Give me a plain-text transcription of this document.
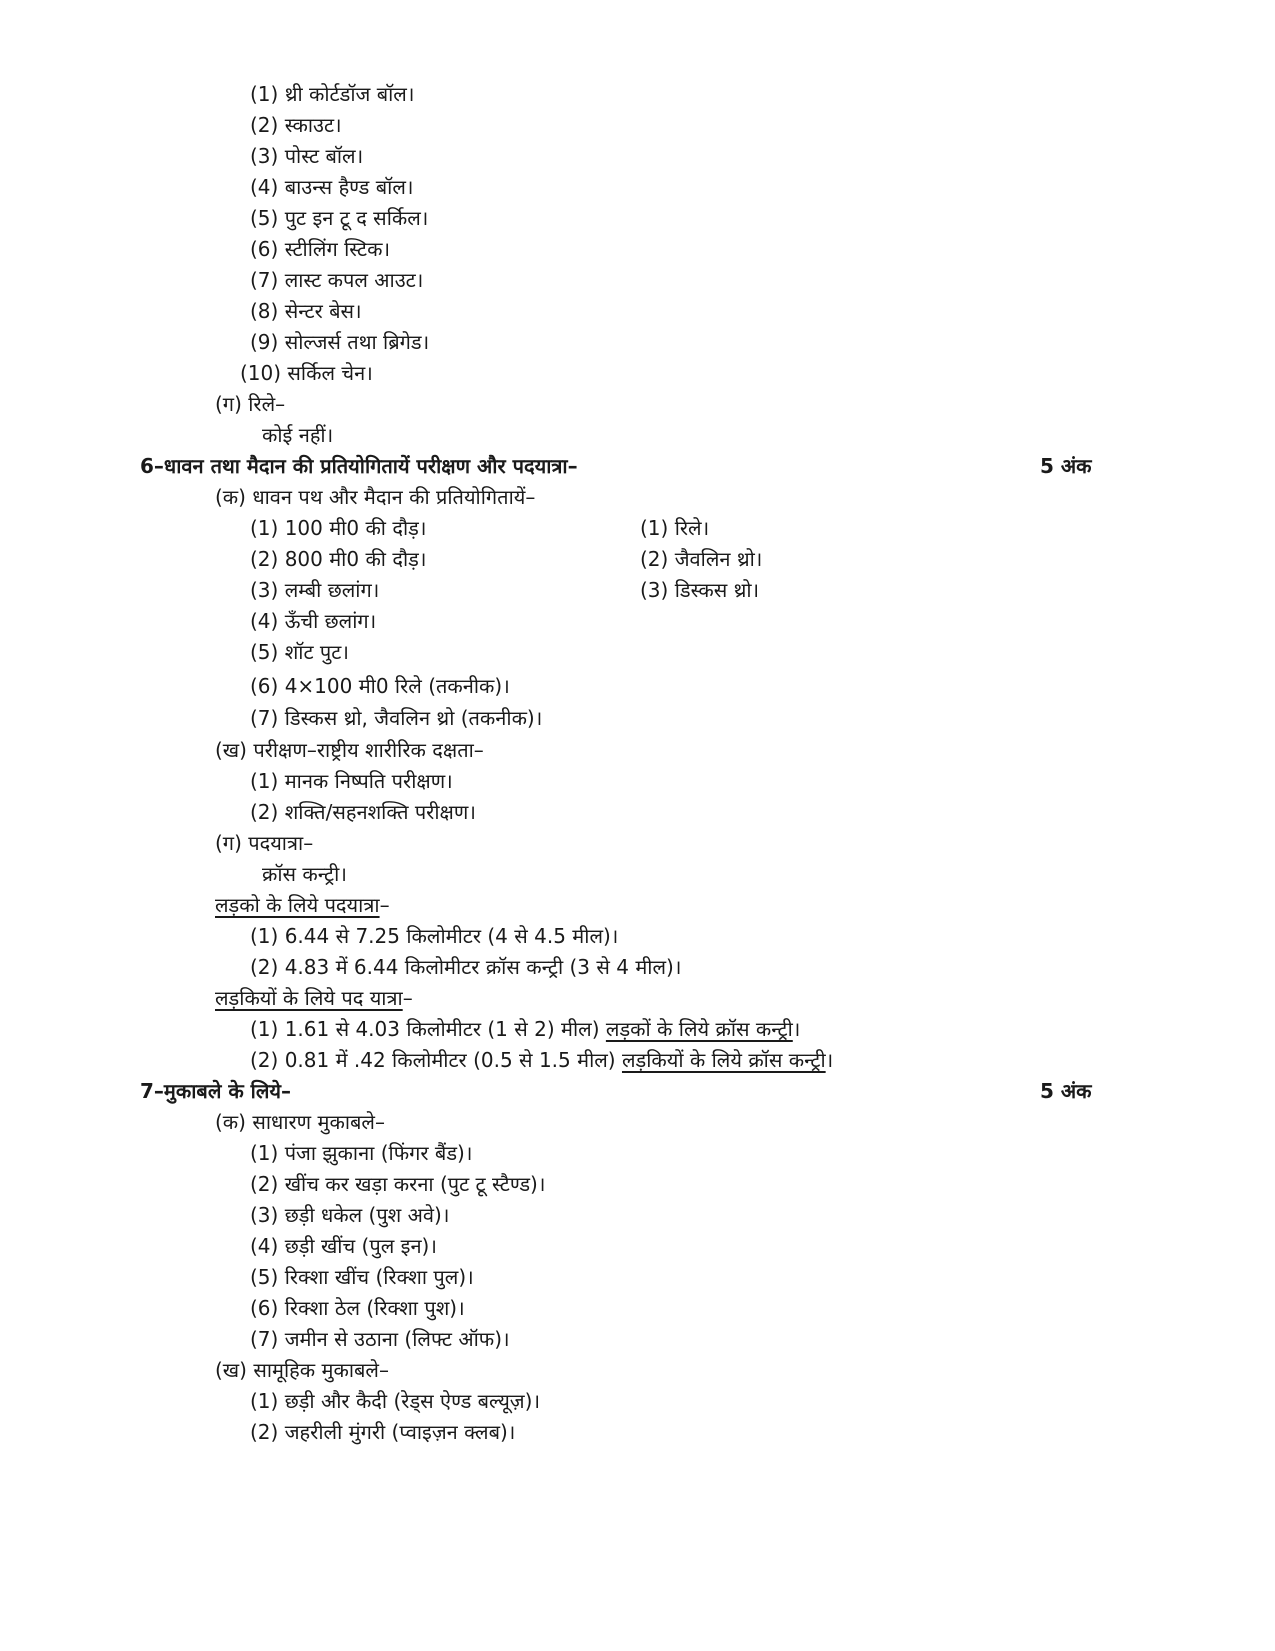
(1) थ्री कोर्टडॉज बॉल।
(2) स्काउट।
(3) पोस्ट बॉल।
(4) बाउन्स हैण्ड बॉल।
(5) पुट इन टू द सर्किल।
(6) स्टीलिंग स्टिक।
(7) लास्ट कपल आउट।
(8) सेन्टर बेस।
(9) सोल्जर्स तथा ब्रिगेड।
(10) सर्किल चेन।
(ग) रिले–
कोई नहीं।
6–धावन तथा मैदान की प्रतियोगितायें परीक्षण और पदयात्रा–	5 अंक
(क) धावन पथ और मैदान की प्रतियोगितायें–
(1) 100 मी0 की दौड़।
(2) 800 मी0 की दौड़।
(3) लम्बी छलांग।
(4) ऊँची छलांग।
(5) शॉट पुट।
(6) 4×100 मी0 रिले (तकनीक)।
(7) डिस्कस थ्रो, जैवलिन थ्रो (तकनीक)।
(1) रिले।
(2) जैवलिन थ्रो।
(3) डिस्कस थ्रो।
(ख) परीक्षण–राष्ट्रीय शारीरिक दक्षता–
(1) मानक निष्पति परीक्षण।
(2) शक्ति/सहनशक्ति परीक्षण।
(ग) पदयात्रा–
क्रॉस कन्ट्री।
लड़को के लिये पदयात्रा–
(1) 6.44 से 7.25 किलोमीटर (4 से 4.5 मील)।
(2) 4.83 में 6.44 किलोमीटर क्रॉस कन्ट्री (3 से 4 मील)।
लड़कियों के लिये पद यात्रा–
(1) 1.61 से 4.03 किलोमीटर (1 से 2) मील) लड़कों के लिये क्रॉस कन्ट्री।
(2) 0.81 में .42 किलोमीटर (0.5 से 1.5 मील) लड़कियों के लिये क्रॉस कन्ट्री।
7–मुकाबले के लिये–	5 अंक
(क) साधारण मुकाबले–
(1) पंजा झुकाना (फिंगर बैंड)।
(2) खींच कर खड़ा करना (पुट टू स्टैण्ड)।
(3) छड़ी धकेल (पुश अवे)।
(4) छड़ी खींच (पुल इन)।
(5) रिक्शा खींच (रिक्शा पुल)।
(6) रिक्शा ठेल (रिक्शा पुश)।
(7) जमीन से उठाना (लिफ्ट ऑफ)।
(ख) सामूहिक मुकाबले–
(1) छड़ी और कैदी (रेड्स ऐण्ड बल्यूज़)।
(2) जहरीली मुंगरी (प्वाइज़न क्लब)।
